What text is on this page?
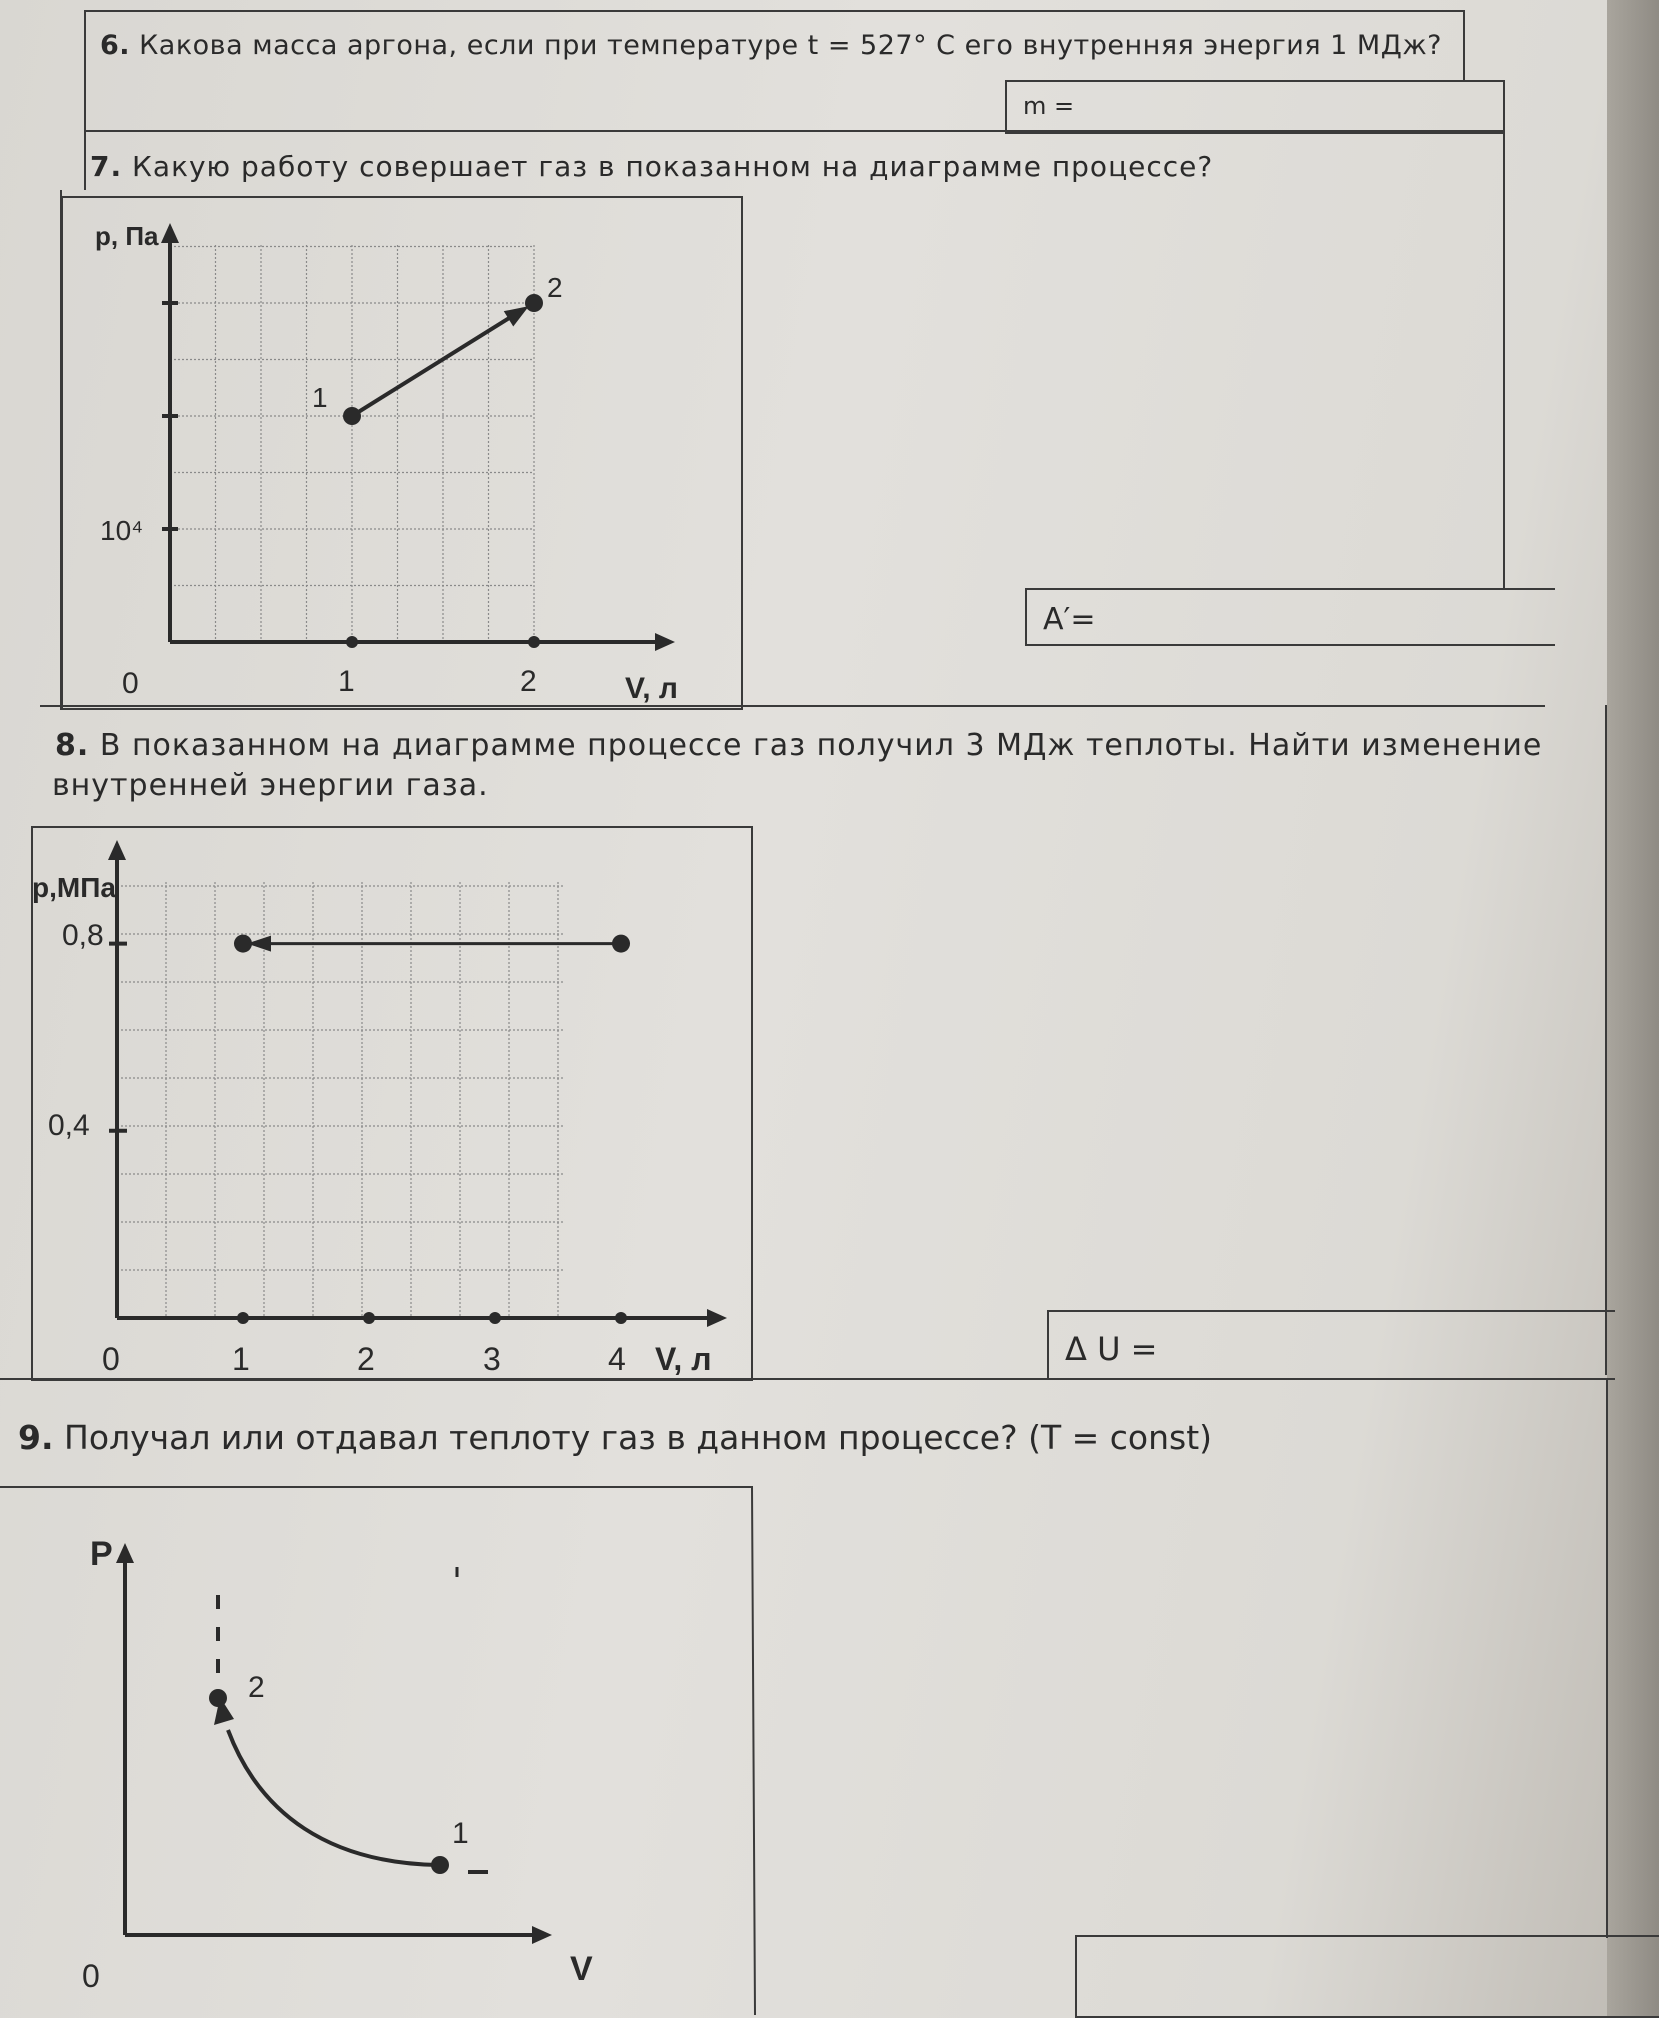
6. Какова масса аргона, если при температуре t = 527° С его внутренняя энергия 1 МДж?
m =
7. Какую работу совершает газ в показанном на диаграмме процессе?
p, Па
V, л
0	1	2
10⁴
1
2
A′=
8. В показанном на диаграмме процессе газ получил 3 МДж теплоты. Найти изменение
внутренней энергии газа.
p,МПа
V, л
0	1	2	3	4
0,4
0,8
Δ U =
9. Получал или отдавал теплоту газ в данном процессе? (T = const)
P
V
0
1
2
